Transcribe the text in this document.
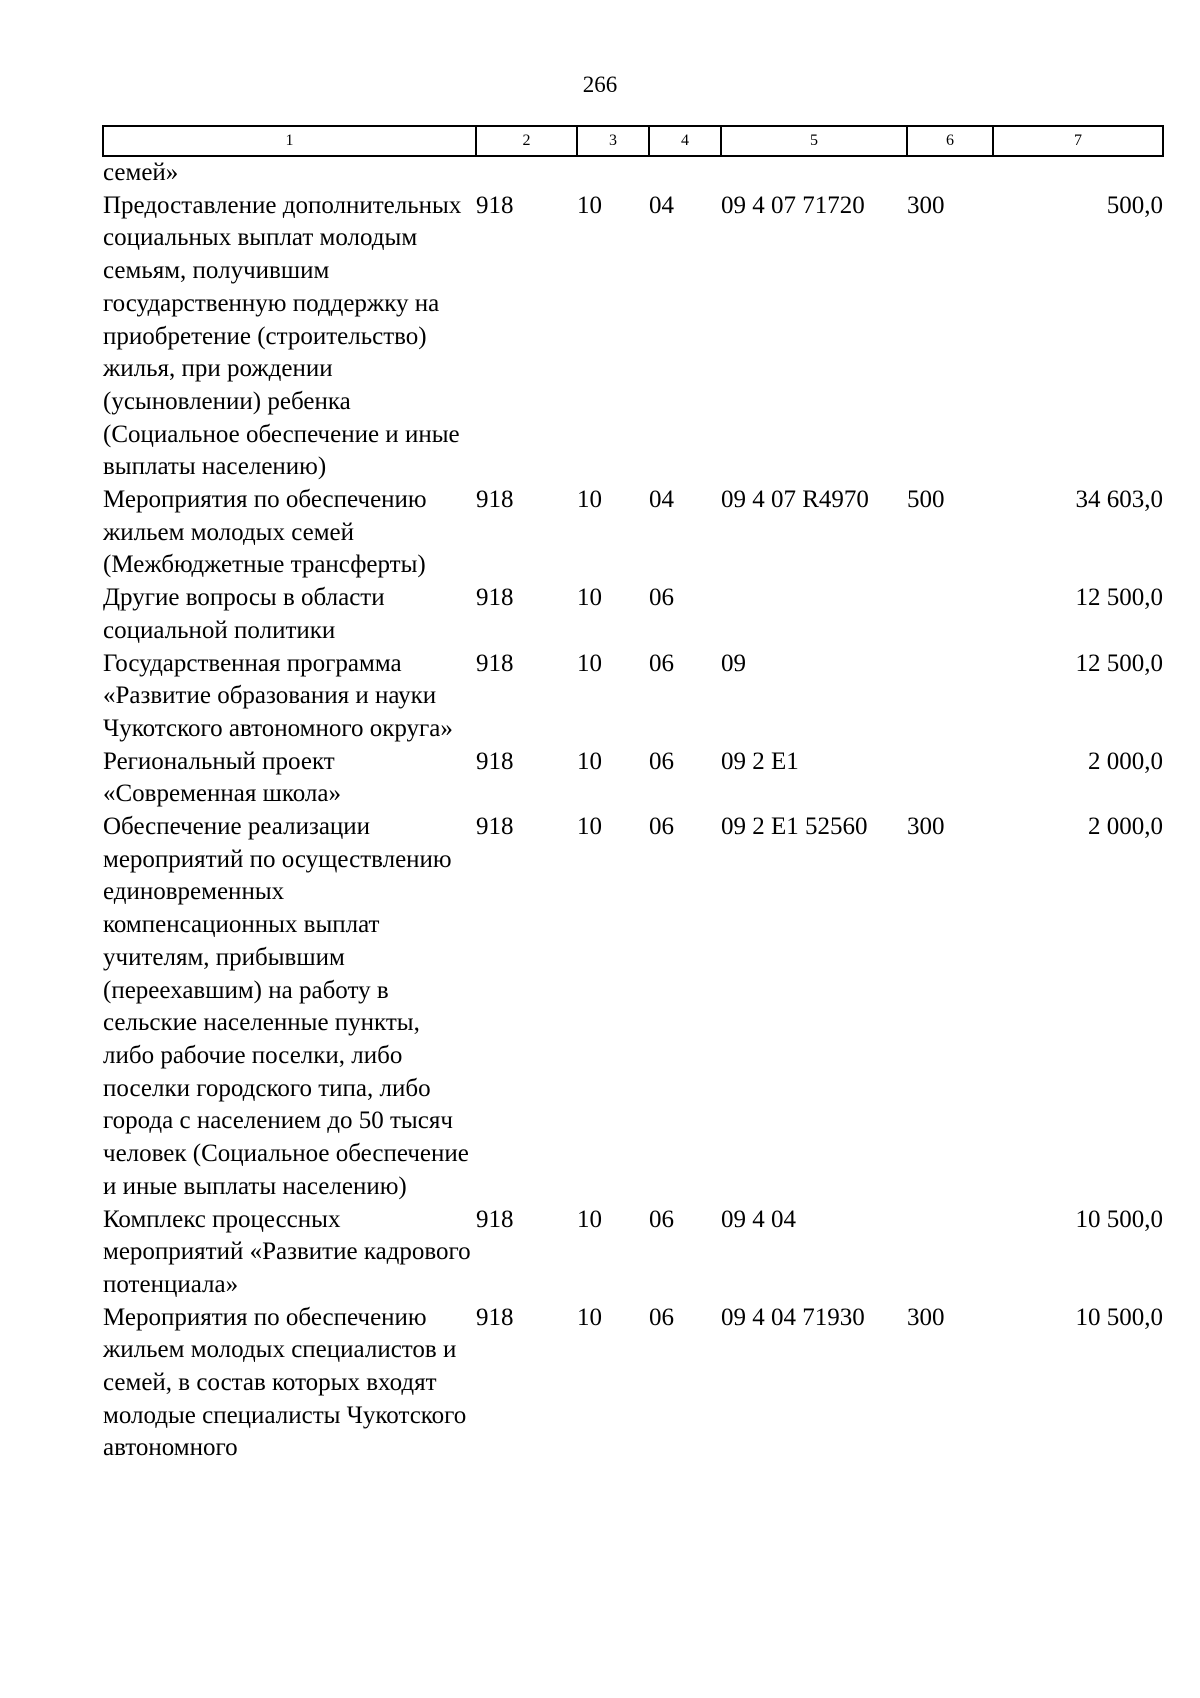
266
1	2	3	4	5	6	7
семей»						
Предоставление дополнительных социальных выплат молодым семьям, получившим государственную поддержку на приобретение (строительство) жилья, при рождении (усыновлении) ребенка (Социальное обеспечение и иные выплаты населению)	918	10	04	09 4 07 71720	300	500,0
Мероприятия по обеспечению жильем молодых семей (Межбюджетные трансферты)	918	10	04	09 4 07 R4970	500	34 603,0
Другие вопросы в области социальной политики	918	10	06			12 500,0
Государственная программа «Развитие образования и науки Чукотского автономного округа»	918	10	06	09		12 500,0
Региональный проект «Современная школа»	918	10	06	09 2 E1		2 000,0
Обеспечение реализации мероприятий по осуществлению единовременных компенсационных выплат учителям, прибывшим (переехавшим) на работу в сельские населенные пункты, либо рабочие поселки, либо поселки городского типа, либо города с населением до 50 тысяч человек (Социальное обеспечение и иные выплаты населению)	918	10	06	09 2 E1 52560	300	2 000,0
Комплекс процессных мероприятий «Развитие кадрового потенциала»	918	10	06	09 4 04		10 500,0
Мероприятия по обеспечению жильем молодых специалистов и семей, в состав которых входят молодые специалисты Чукотского автономного	918	10	06	09 4 04 71930	300	10 500,0
